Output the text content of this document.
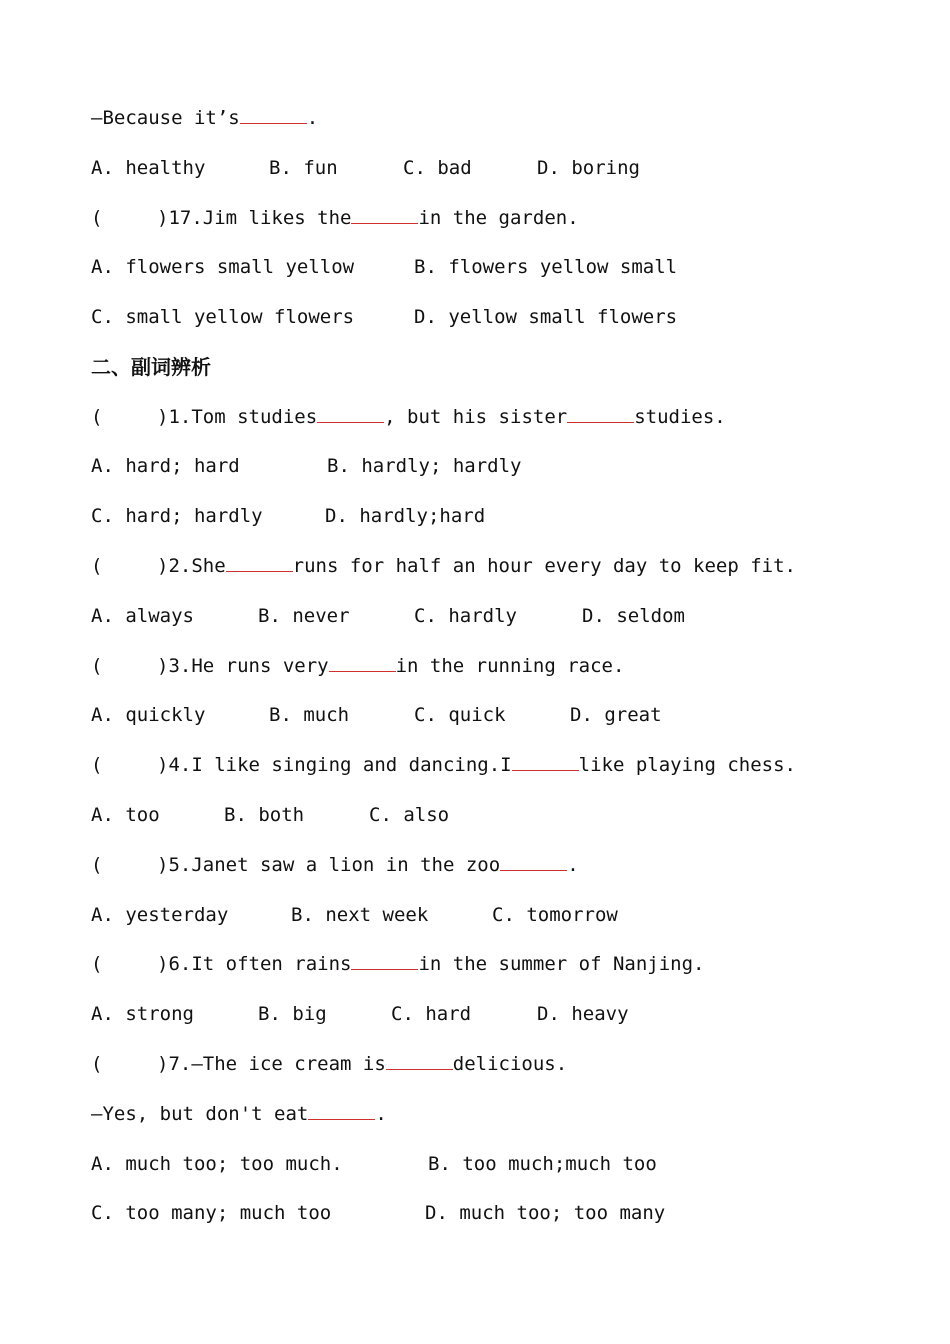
—Because it’s	.

A. healthy

	B. fun

	C. bad

	D. boring

(	)17.Jim likes the	in the garden.

A. flowers small yellow

	B. flowers yellow small

C. small yellow flowers

	D. yellow small flowers

二、副词辨析
(	)1.Tom studies	, but his sister	studies.

A. hard; hard

	B. hardly; hardly

C. hard; hardly

	D. hardly;hard

(	)2.She	runs for half an hour every day to keep fit.

A. always

	B. never

	C. hardly

	D. seldom

(	)3.He runs very	in the running race.

A. quickly

	B. much

	C. quick

	D. great

(	)4.I like singing and dancing.I	like playing chess.

A. too

	B. both

	C. also

(	)5.Janet saw a lion in the zoo	.

A. yesterday

	B. next week

	C. tomorrow

(	)6.It often rains	in the summer of Nanjing.

A. strong

	B. big

	C. hard

	D. heavy

(	)7.—The ice cream is	delicious.
—Yes, but don't eat	.

A. much too; too much.

	B. too much;much too

C. too many; much too

	D. much too; too many
